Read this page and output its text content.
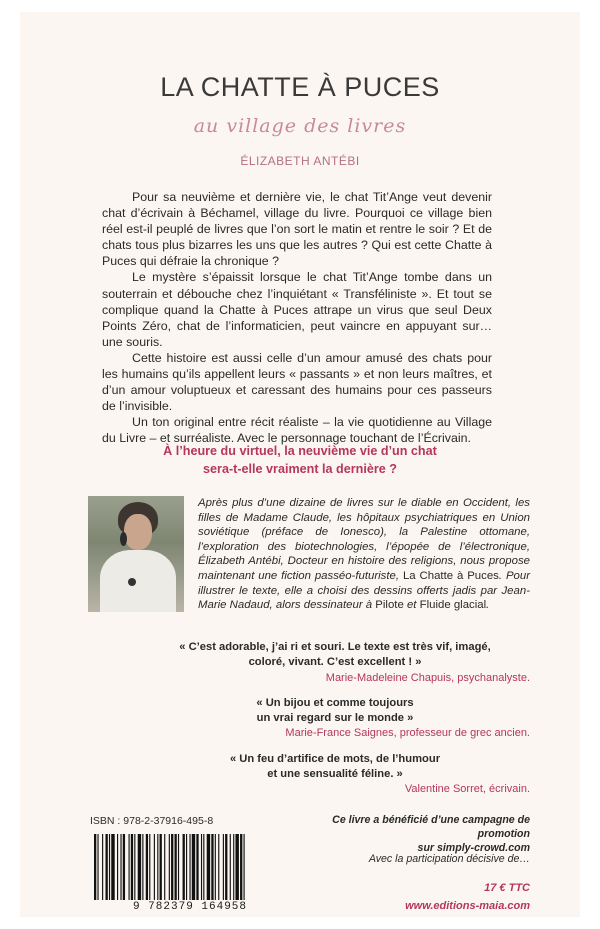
LA CHATTE À PUCES
au village des livres
ÉLIZABETH ANTÉBI

Pour sa neuvième et dernière vie, le chat Tit’Ange veut devenir chat d’écrivain à Béchamel, village du livre. Pourquoi ce village bien réel est-il peuplé de livres que l’on sort le matin et rentre le soir ? Et de chats tous plus bizarres les uns que les autres ? Qui est cette Chatte à Puces qui défraie la chronique ?

Le mystère s’épaissit lorsque le chat Tit’Ange tombe dans un souterrain et débouche chez l’inquiétant « Transféliniste ». Et tout se complique quand la Chatte à Puces attrape un virus que seul Deux Points Zéro, chat de l’informaticien, peut vaincre en appuyant sur… une souris.

Cette histoire est aussi celle d’un amour amusé des chats pour les humains qu’ils appellent leurs « passants » et non leurs maîtres, et d’un amour voluptueux et caressant des humains pour ces passeurs de l’invisible.

Un ton original entre récit réaliste – la vie quotidienne au Village du Livre – et surréaliste. Avec le personnage touchant de l’Écrivain.

À l’heure du virtuel, la neuvième vie d’un chat
sera-t-elle vraiment la dernière ?
Après plus d’une dizaine de livres sur le diable en Occident, les filles de Madame Claude, les hôpitaux psychiatriques en Union soviétique (préface de Ionesco), la Palestine ottomane, l’exploration des biotechnologies, l’épopée de l’électronique, Élizabeth Antébi, Docteur en histoire des religions, nous propose maintenant une fiction passéo-futuriste, La Chatte à Puces. Pour illustrer le texte, elle a choisi des dessins offerts jadis par Jean-Marie Nadaud, alors dessinateur à Pilote et Fluide glacial.
« C’est adorable, j’ai ri et souri. Le texte est très vif, imagé,
coloré, vivant. C’est excellent ! »
Marie-Madeleine Chapuis, psychanalyste.
« Un bijou et comme toujours
un vrai regard sur le monde »
Marie-France Saignes, professeur de grec ancien.
« Un feu d’artifice de mots, de l’humour
et une sensualité féline. »
Valentine Sorret, écrivain.
ISBN : 978-2-37916-495-8
9 782379 164958
Ce livre a bénéficié d’une campagne de promotion
sur simply-crowd.com
Avec la participation décisive de…
17 € TTC
www.editions-maia.com
